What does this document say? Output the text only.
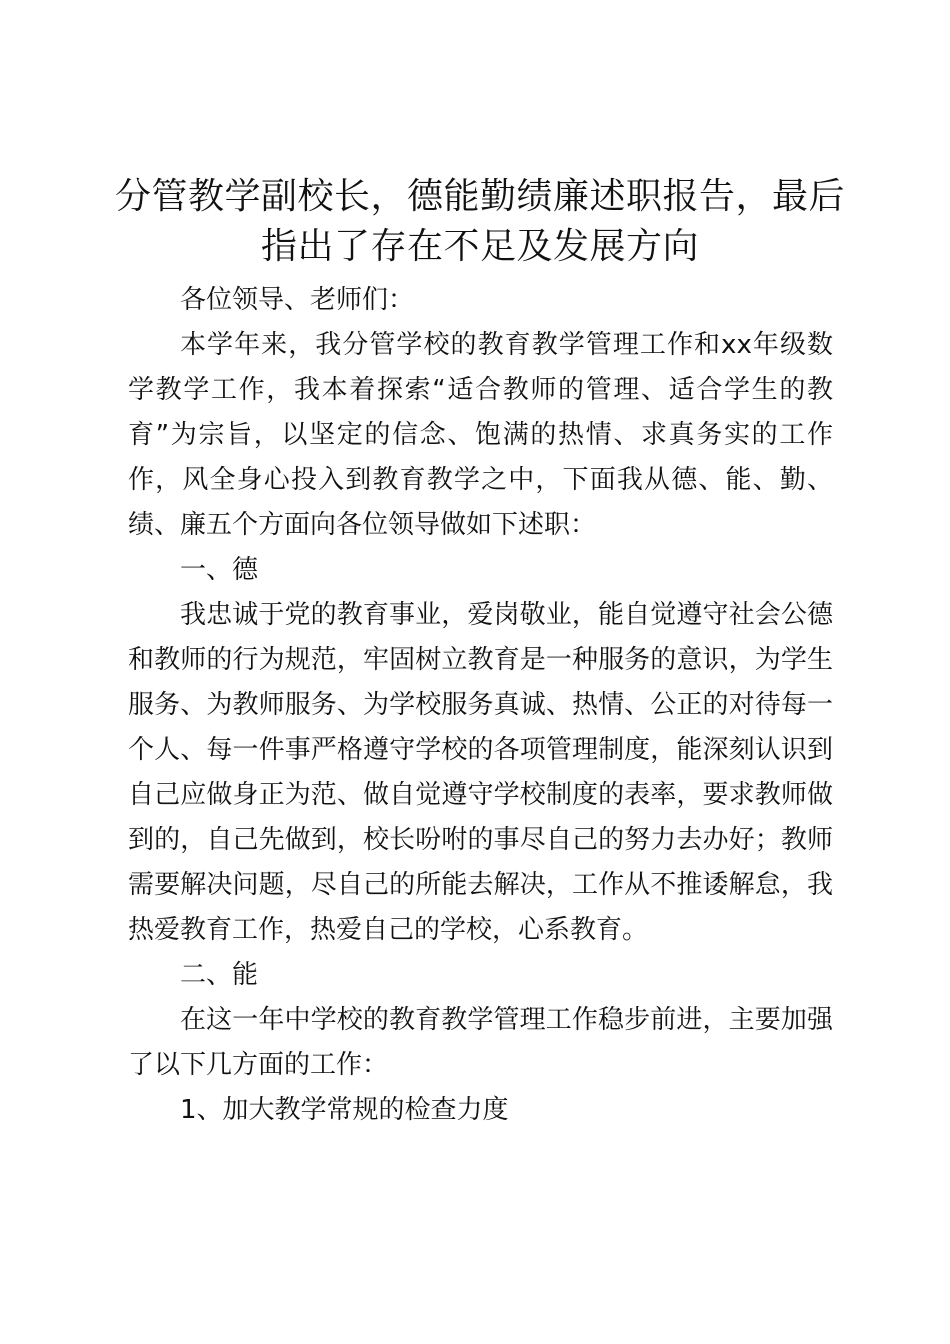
分管教学副校长，德能勤绩廉述职报告，最后指出了存在不足及发展方向

各位领导、老师们：

本学年来，我分管学校的教育教学管理工作和xx年级数学教学工作，我本着探索“适合教师的管理、适合学生的教育”为宗旨，以坚定的信念、饱满的热情、求真务实的工作作，风全身心投入到教育教学之中，下面我从德、能、勤、绩、廉五个方面向各位领导做如下述职：

一、德

我忠诚于党的教育事业，爱岗敬业，能自觉遵守社会公德和教师的行为规范，牢固树立教育是一种服务的意识，为学生服务、为教师服务、为学校服务真诚、热情、公正的对待每一个人、每一件事严格遵守学校的各项管理制度，能深刻认识到自己应做身正为范、做自觉遵守学校制度的表率，要求教师做到的，自己先做到，校长吩咐的事尽自己的努力去办好；教师需要解决问题，尽自己的所能去解决，工作从不推诿解怠，我热爱教育工作，热爱自己的学校，心系教育。

二、能

在这一年中学校的教育教学管理工作稳步前进，主要加强了以下几方面的工作：

1、加大教学常规的检查力度
